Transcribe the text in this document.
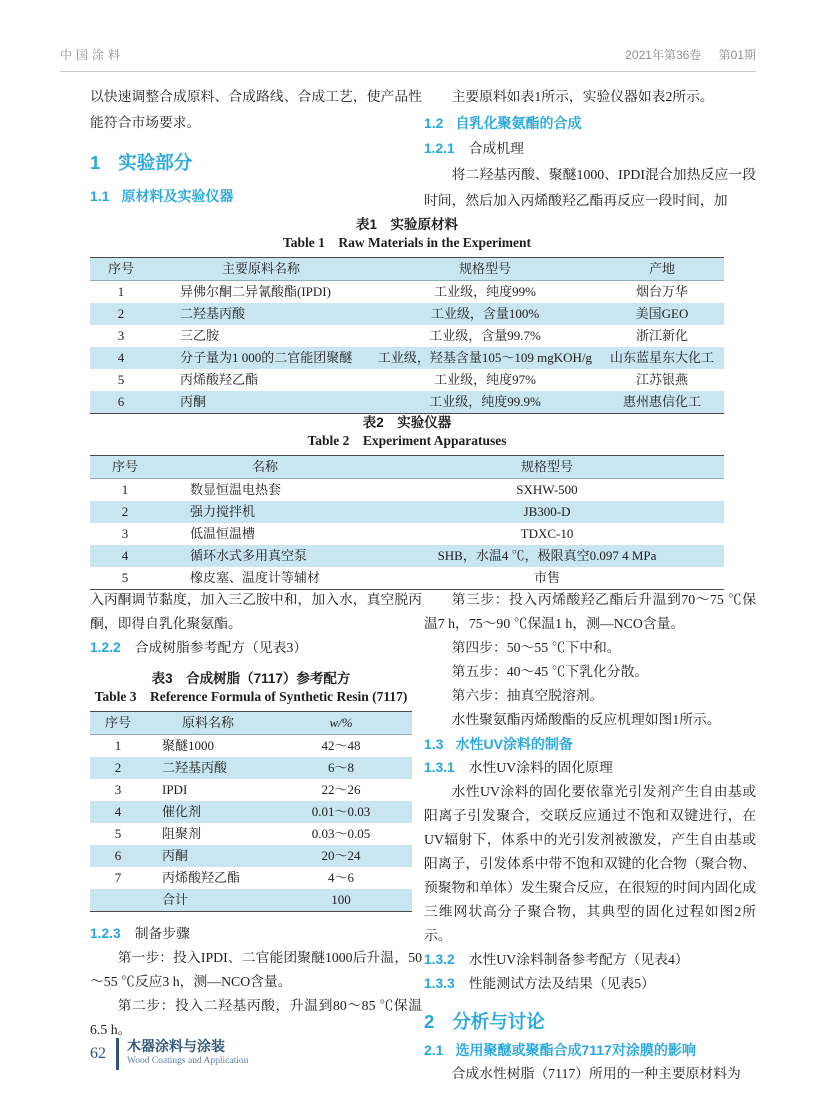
中国涂料	2021年第36卷 第01期

以快速调整合成原料、合成路线、合成工艺，使产品性能符合市场要求。

1 实验部分
1.1 原材料及实验仪器

主要原料如表1所示，实验仪器如表2所示。

1.2 自乳化聚氨酯的合成
1.2.1 合成机理

将二羟基丙酸、聚醚1000、IPDI混合加热反应一段时间，然后加入丙烯酸羟乙酯再反应一段时间，加

表1　实验原材料
Table 1　Raw Materials in the Experiment
序号	主要原料名称	规格型号	产地
1	异佛尔酮二异氰酸酯(IPDI)	工业级，纯度99%	烟台万华
2	二羟基丙酸	工业级，含量100%	美国GEO
3	三乙胺	工业级，含量99.7%	浙江新化
4	分子量为1 000的二官能团聚醚	工业级，羟基含量105～109 mgKOH/g	山东蓝星东大化工
5	丙烯酸羟乙酯	工业级，纯度97%	江苏银燕
6	丙酮	工业级，纯度99.9%	惠州惠信化工
表2　实验仪器
Table 2　Experiment Apparatuses
序号	名称	规格型号
1	数显恒温电热套	SXHW-500
2	强力搅拌机	JB300-D
3	低温恒温槽	TDXC-10
4	循环水式多用真空泵	SHB，水温4 ℃，极限真空0.097 4 MPa
5	橡皮塞、温度计等辅材	市售

入丙酮调节黏度，加入三乙胺中和，加入水，真空脱丙酮，即得自乳化聚氨酯。

1.2.2 合成树脂参考配方（见表3）
表3　合成树脂（7117）参考配方
Table 3　Reference Formula of Synthetic Resin (7117)
序号	原料名称	w/%
1	聚醚1000	42～48
2	二羟基丙酸	6～8
3	IPDI	22～26
4	催化剂	0.01～0.03
5	阻聚剂	0.03～0.05
6	丙酮	20～24
7	丙烯酸羟乙酯	4～6
	合计	100
1.2.3 制备步骤

第一步：投入IPDI、二官能团聚醚1000后升温，50～55 ℃反应3 h，测—NCO含量。

第二步：投入二羟基丙酸，升温到80～85 ℃保温6.5 h。

第三步：投入丙烯酸羟乙酯后升温到70～75 ℃保温7 h，75～90 ℃保温1 h，测—NCO含量。

第四步：50～55 ℃下中和。

第五步：40～45 ℃下乳化分散。

第六步：抽真空脱溶剂。

水性聚氨酯丙烯酸酯的反应机理如图1所示。

1.3 水性UV涂料的制备
1.3.1 水性UV涂料的固化原理

水性UV涂料的固化要依靠光引发剂产生自由基或阳离子引发聚合，交联反应通过不饱和双键进行，在UV辐射下，体系中的光引发剂被激发，产生自由基或阳离子，引发体系中带不饱和双键的化合物（聚合物、预聚物和单体）发生聚合反应，在很短的时间内固化成三维网状高分子聚合物，其典型的固化过程如图2所示。

1.3.2 水性UV涂料制备参考配方（见表4）
1.3.3 性能测试方法及结果（见表5）
2 分析与讨论
2.1 选用聚醚或聚酯合成7117对涂膜的影响

合成水性树脂（7117）所用的一种主要原材料为

62 木器涂料与涂装
Wood Coatings and Application
